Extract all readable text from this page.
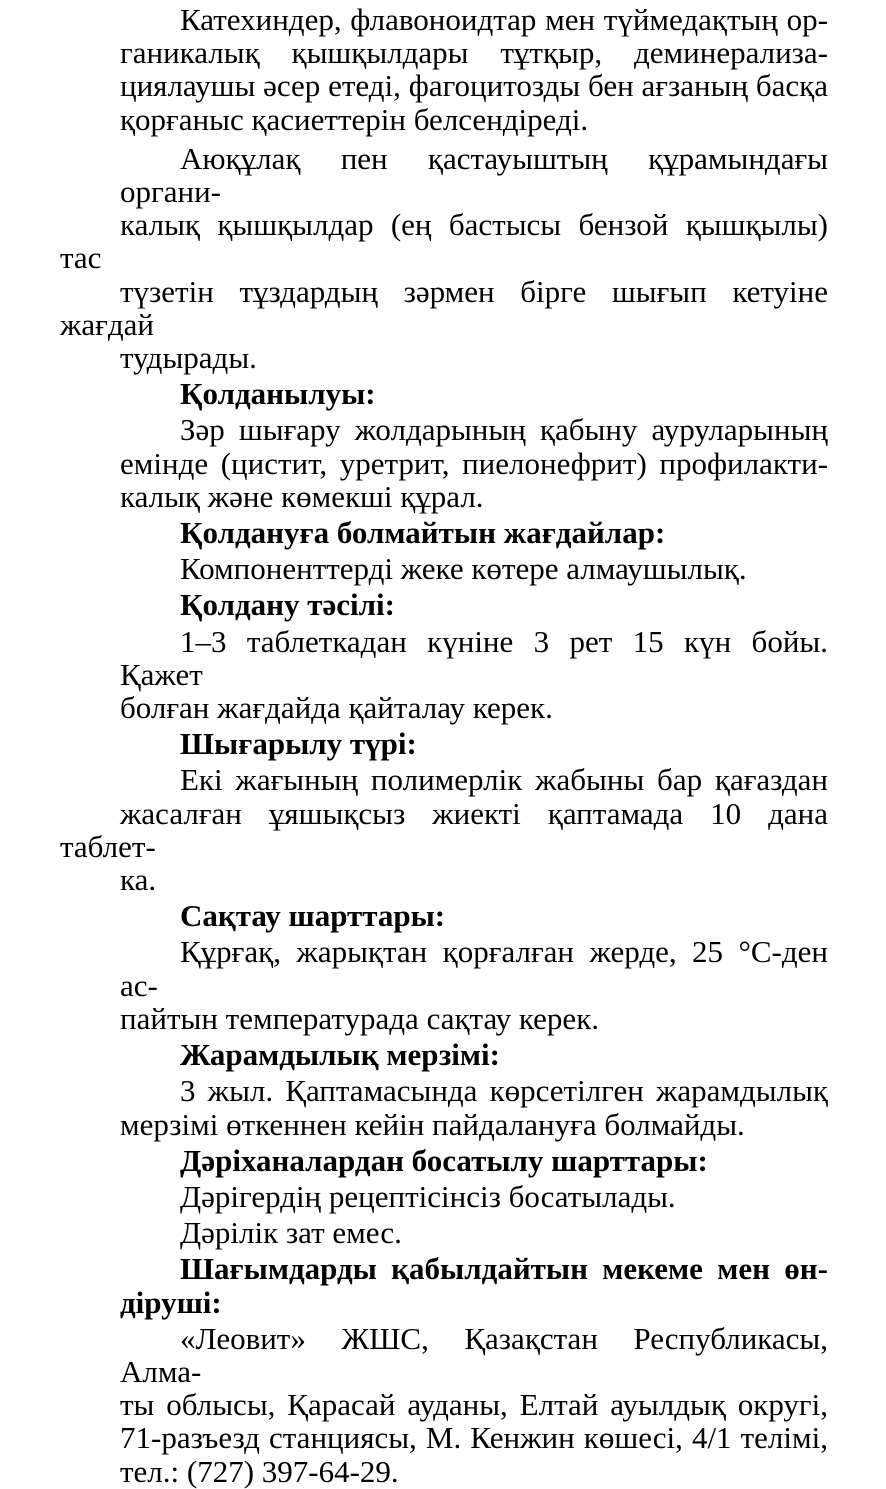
Катехиндер, флавоноидтар мен түймедақтың ор-
ганикалық қышқылдары тұтқыр, деминерализа-
циялаушы әсер етеді, фагоцитозды бен ағзаның басқа
қорғаныс қасиеттерін белсендіреді.
Аюқұлақ пен қастауыштың құрамындағы органи-
калық қышқылдар (ең бастысы бензой қышқылы) тас
түзетін тұздардың зәрмен бірге шығып кетуіне жағдай
тудырады.
Қолданылуы:
Зәр шығару жолдарының қабыну ауруларының
емінде (цистит, уретрит, пиелонефрит) профилакти-
калық және көмекші құрал.
Қолдануға болмайтын жағдайлар:
Компоненттерді жеке көтере алмаушылық.
Қолдану тәсілі:
1–3 таблеткадан күніне 3 рет 15 күн бойы. Қажет
болған жағдайда қайталау керек.
Шығарылу түрі:
Екі жағының полимерлік жабыны бар қағаздан
жасалған ұяшықсыз жиекті қаптамада 10 дана таблет-
ка.
Сақтау шарттары:
Құрғақ, жарықтан қорғалған жерде, 25 °С-ден ас-
пайтын температурада сақтау керек.
Жарамдылық мерзімі:
3 жыл. Қаптамасында көрсетілген жарамдылық
мерзімі өткеннен кейін пайдалануға болмайды.
Дәріханалардан босатылу шарттары:
Дәрігердің рецептісінсіз босатылады.
Дәрілік зат емес.
Шағымдарды қабылдайтын мекеме мен өн-
діруші:
«Леовит» ЖШС, Қазақстан Республикасы, Алма-
ты облысы, Қарасай ауданы, Елтай ауылдық округі,
71-разъезд станциясы, М. Кенжин көшесі, 4/1 телімі,
тел.: (727) 397-64-29.
